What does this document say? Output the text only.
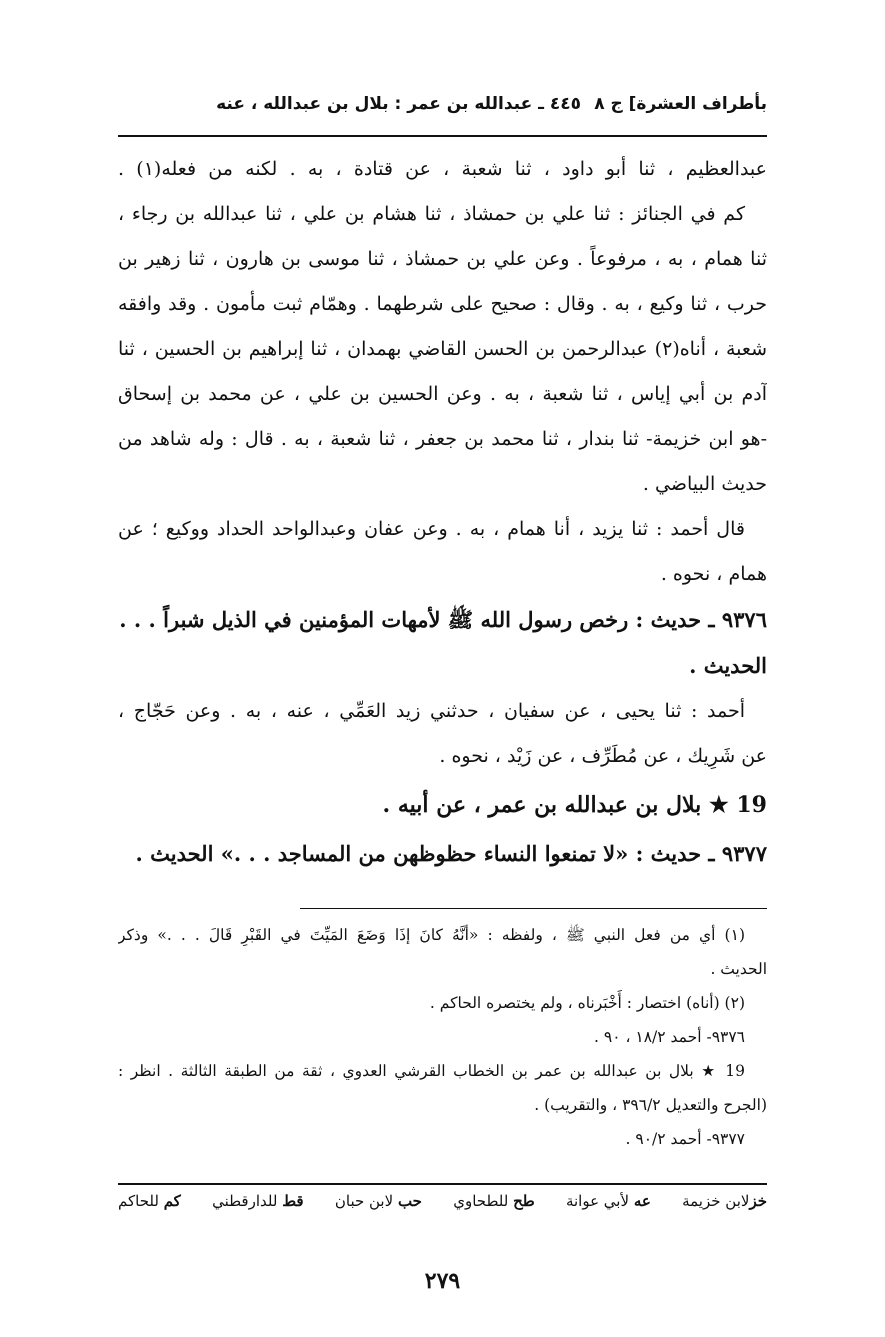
بأطراف العشرة] ج ٨
٤٤٥ ـ عبدالله بن عمر : بلال بن عبدالله ، عنه
عبدالعظيم ، ثنا أبو داود ، ثنا شعبة ، عن قتادة ، به . لكنه من فعله(١) .
كم في الجنائز : ثنا علي بن حمشاذ ، ثنا هشام بن علي ، ثنا عبدالله بن رجاء ،
ثنا همام ، به ، مرفوعاً . وعن علي بن حمشاذ ، ثنا موسى بن هارون ، ثنا زهير بن
حرب ، ثنا وكيع ، به . وقال : صحيح على شرطهما . وهمّام ثبت مأمون . وقد وافقه
شعبة ، أناه(٢) عبدالرحمن بن الحسن القاضي بهمدان ، ثنا إبراهيم بن الحسين ، ثنا
آدم بن أبي إياس ، ثنا شعبة ، به . وعن الحسين بن علي ، عن محمد بن إسحاق
-هو ابن خزيمة- ثنا بندار ، ثنا محمد بن جعفر ، ثنا شعبة ، به . قال : وله شاهد من
حديث البياضي .
قال أحمد : ثنا يزيد ، أنا همام ، به . وعن عفان وعبدالواحد الحداد ووكيع ؛ عن
همام ، نحوه .
٩٣٧٦ ـ حديث : رخص رسول الله ﷺ لأمهات المؤمنين في الذيل شبراً . . .
الحديث .
أحمد : ثنا يحيى ، عن سفيان ، حدثني زيد العَمِّي ، عنه ، به . وعن حَجّاج ،
عن شَرِيك ، عن مُطَرِّف ، عن زَيْد ، نحوه .
19 ★ بلال بن عبدالله بن عمر ، عن أبيه .
٩٣٧٧ ـ حديث : «لا تمنعوا النساء حظوظهن من المساجد . . .» الحديث .
(١) أي من فعل النبي ﷺ ، ولفظه : «أنَّهُ كانَ إذَا وَضَعَ المَيِّتَ في القَبْرِ قَالَ . . .» وذكر
الحديث .
(٢) (أناه) اختصار : أَخْبَرناه ، ولم يختصره الحاكم .
٩٣٧٦- أحمد ١٨/٢ ، ٩٠ .
19 ★ بلال بن عبدالله بن عمر بن الخطاب القرشي العدوي ، ثقة من الطبقة الثالثة . انظر :
(الجرح والتعديل ٣٩٦/٢ ، والتقريب) .
٩٣٧٧- أحمد ٩٠/٢ .
خزلابن خزيمة
عه لأبي عوانة
طح للطحاوي
حب لابن حبان
قط للدارقطني
كم للحاكم
٢٧٩
